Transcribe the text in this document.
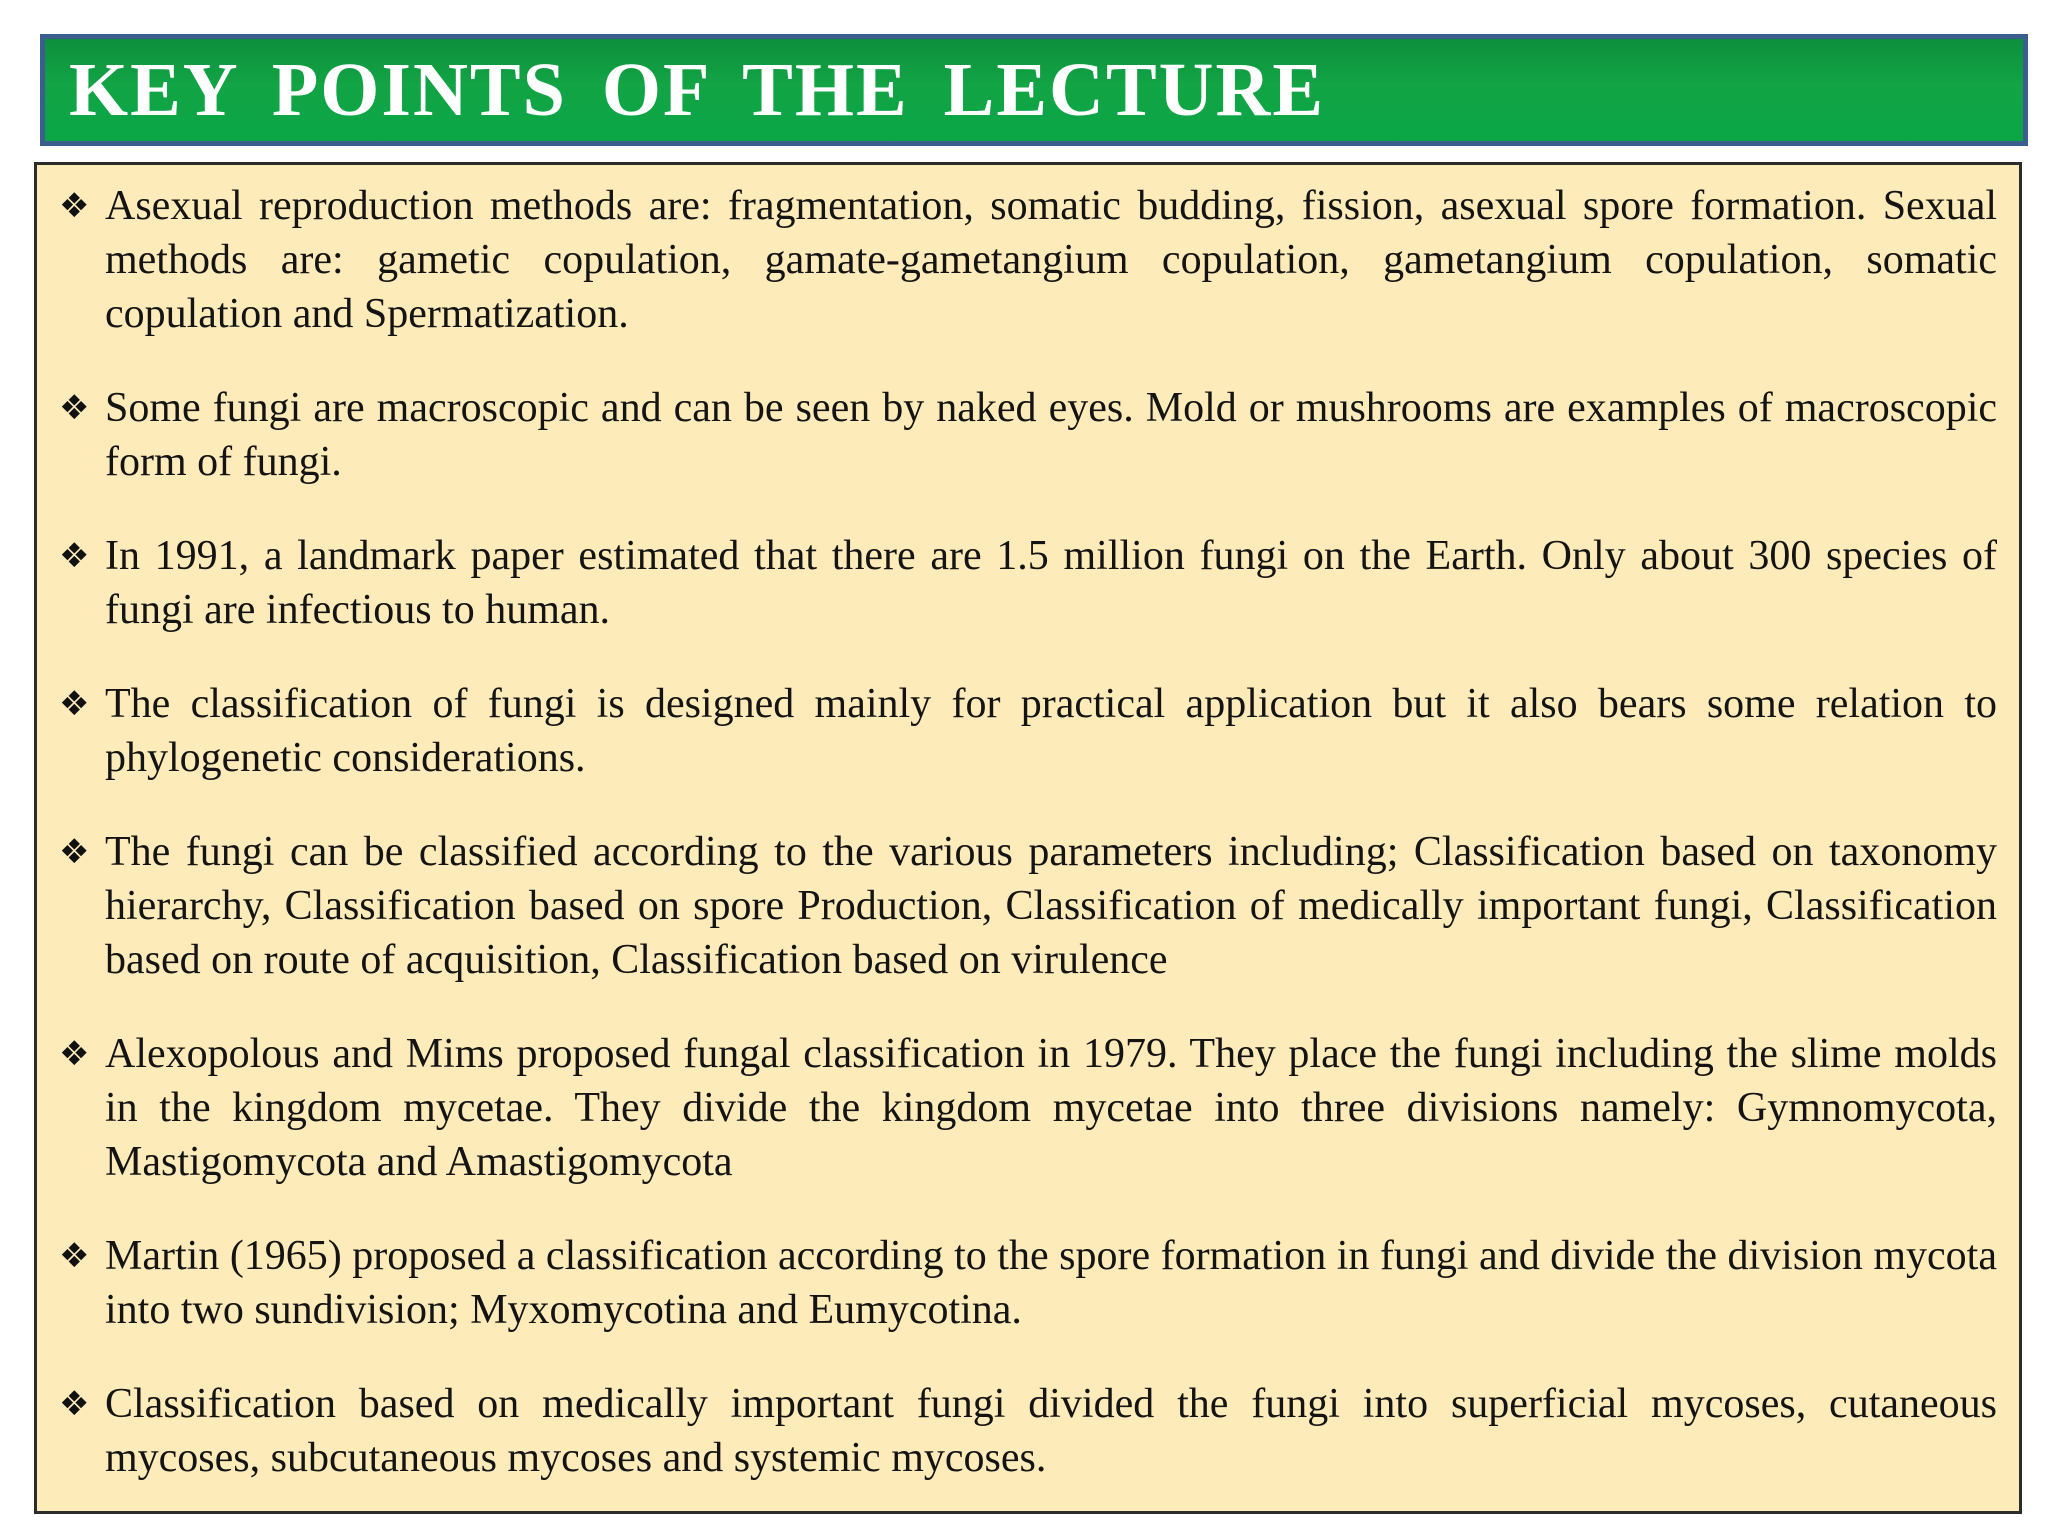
KEY POINTS OF THE LECTURE
❖ Asexual reproduction methods are: fragmentation, somatic budding, fission, asexual spore formation. Sexual methods are: gametic copulation, gamate-gametangium copulation, gametangium copulation, somatic copulation and Spermatization.
❖ Some fungi are macroscopic and can be seen by naked eyes. Mold or mushrooms are examples of macroscopic form of fungi.
❖ In 1991, a landmark paper estimated that there are 1.5 million fungi on the Earth. Only about 300 species of fungi are infectious to human.
❖ The classification of fungi is designed mainly for practical application but it also bears some relation to phylogenetic considerations.
❖ The fungi can be classified according to the various parameters including; Classification based on taxonomy hierarchy, Classification based on spore Production, Classification of medically important fungi, Classification based on route of acquisition, Classification based on virulence
❖ Alexopolous and Mims proposed fungal classification in 1979. They place the fungi including the slime molds in the kingdom mycetae. They divide the kingdom mycetae into three divisions namely: Gymnomycota, Mastigomycota and Amastigomycota
❖ Martin (1965) proposed a classification according to the spore formation in fungi and divide the division mycota into two sundivision; Myxomycotina and Eumycotina.
❖ Classification based on medically important fungi divided the fungi into superficial mycoses, cutaneous mycoses, subcutaneous mycoses and systemic mycoses.
